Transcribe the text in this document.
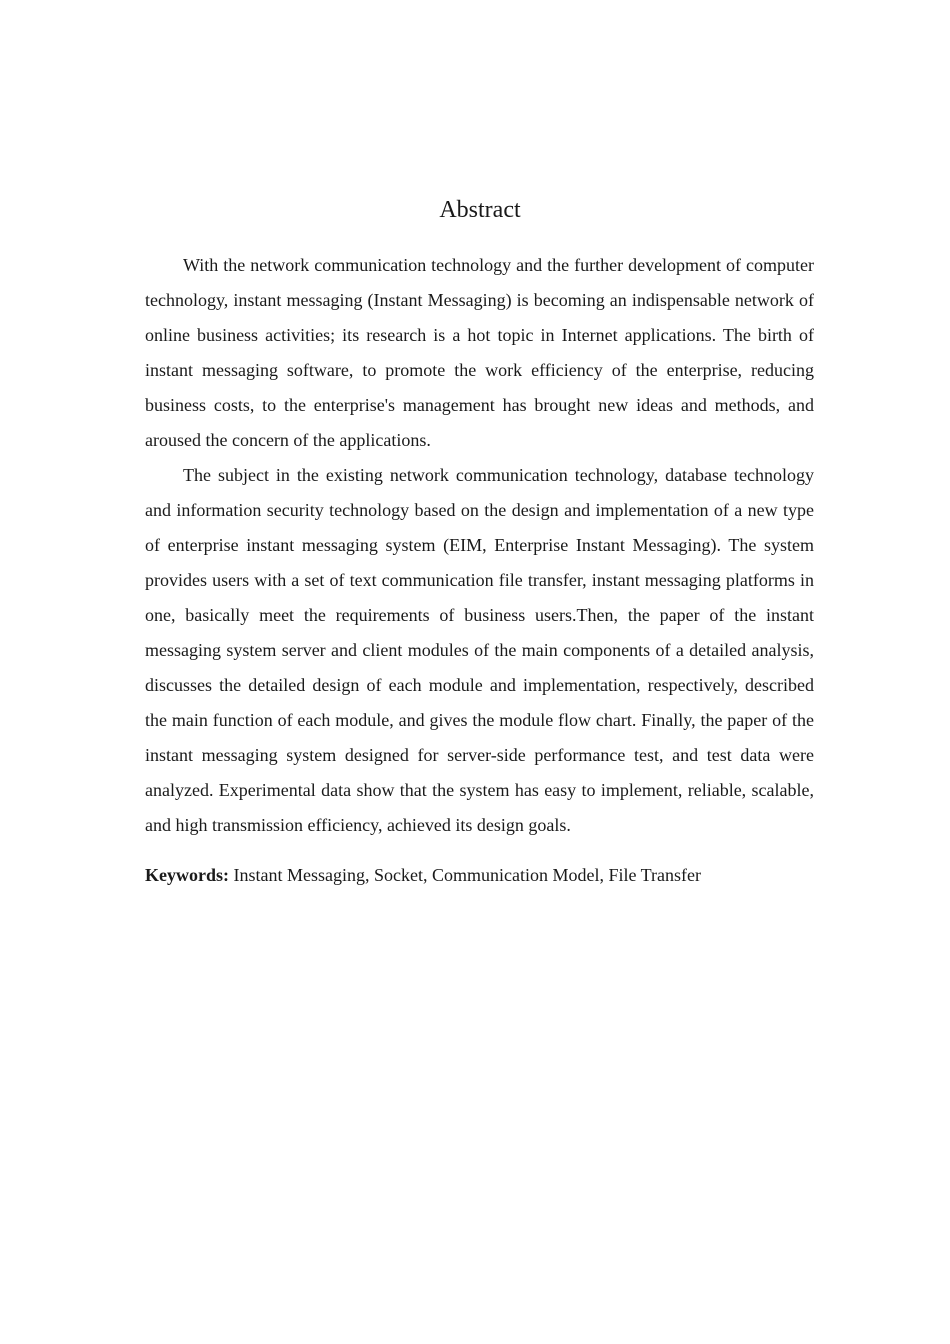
Abstract

With the network communication technology and the further development of computer technology, instant messaging (Instant Messaging) is becoming an indispensable network of online business activities; its research is a hot topic in Internet applications. The birth of instant messaging software, to promote the work efficiency of the enterprise, reducing business costs, to the enterprise's management has brought new ideas and methods, and aroused the concern of the applications.

The subject in the existing network communication technology, database technology and information security technology based on the design and implementation of a new type of enterprise instant messaging system (EIM, Enterprise Instant Messaging). The system provides users with a set of text communication file transfer, instant messaging platforms in one, basically meet the requirements of business users.Then, the paper of the instant messaging system server and client modules of the main components of a detailed analysis, discusses the detailed design of each module and implementation, respectively, described the main function of each module, and gives the module flow chart. Finally, the paper of the instant messaging system designed for server-side performance test, and test data were analyzed. Experimental data show that the system has easy to implement, reliable, scalable, and high transmission efficiency, achieved its design goals.

Keywords: Instant Messaging, Socket, Communication Model, File Transfer
